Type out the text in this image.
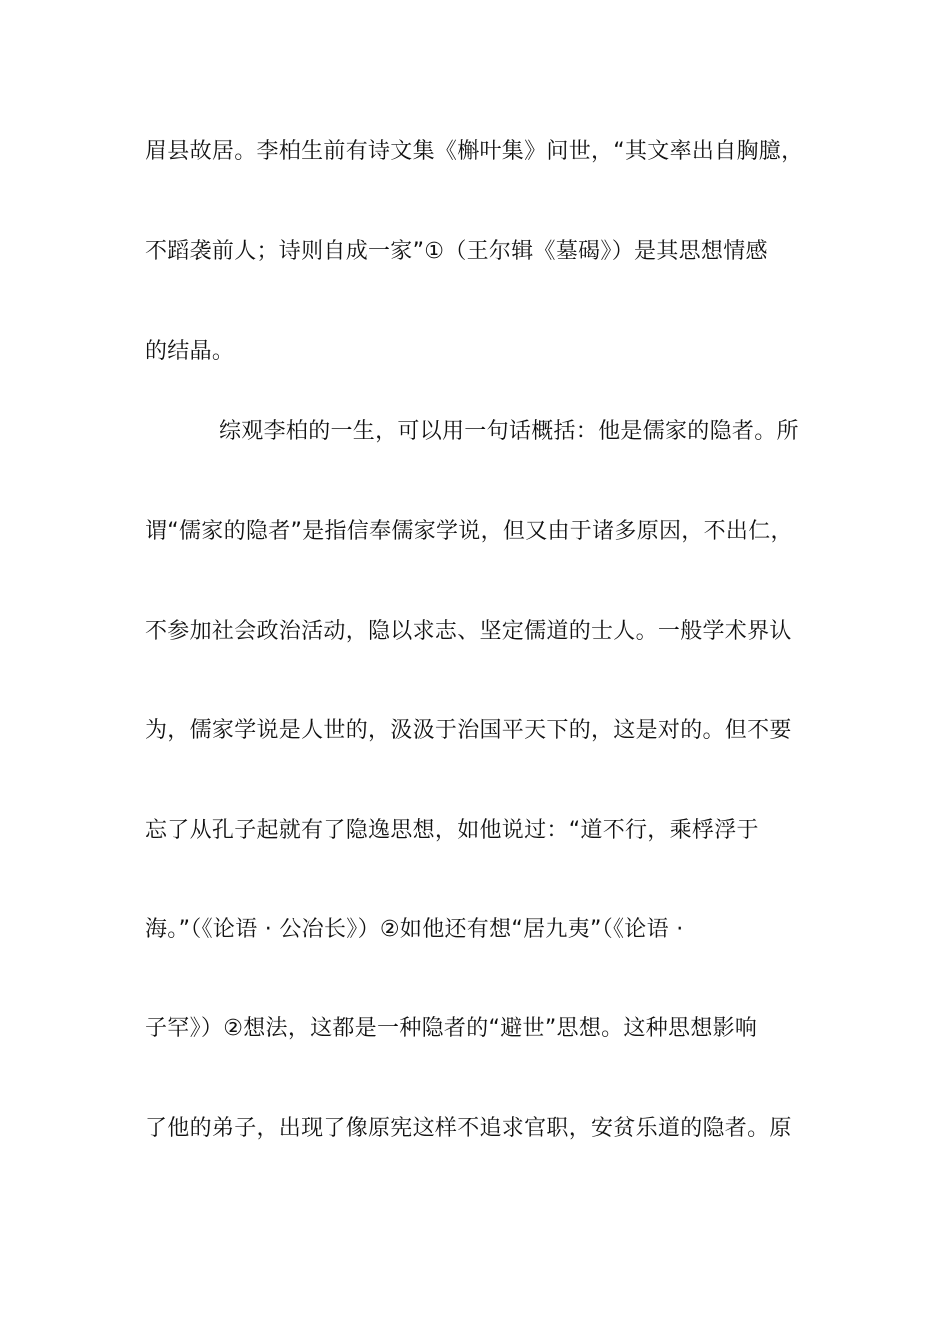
眉县故居。李柏生前有诗文集《槲叶集》问世，“其文率出自胸臆，
不蹈袭前人；诗则自成一家”①（王尔辑《墓碣》）是其思想情感
的结晶。
综观李柏的一生，可以用一句话概括：他是儒家的隐者。所
谓“儒家的隐者”是指信奉儒家学说，但又由于诸多原因，不出仁，
不参加社会政治活动，隐以求志、坚定儒道的士人。一般学术界认
为，儒家学说是人世的，汲汲于治国平天下的，这是对的。但不要
忘了从孔子起就有了隐逸思想，如他说过：“道不行，乘桴浮于
海。”（《论语 · 公冶长》）②如他还有想“居九夷”（《论语 ·
子罕》）②想法，这都是一种隐者的“避世”思想。这种思想影响
了他的弟子，出现了像原宪这样不追求官职，安贫乐道的隐者。原
